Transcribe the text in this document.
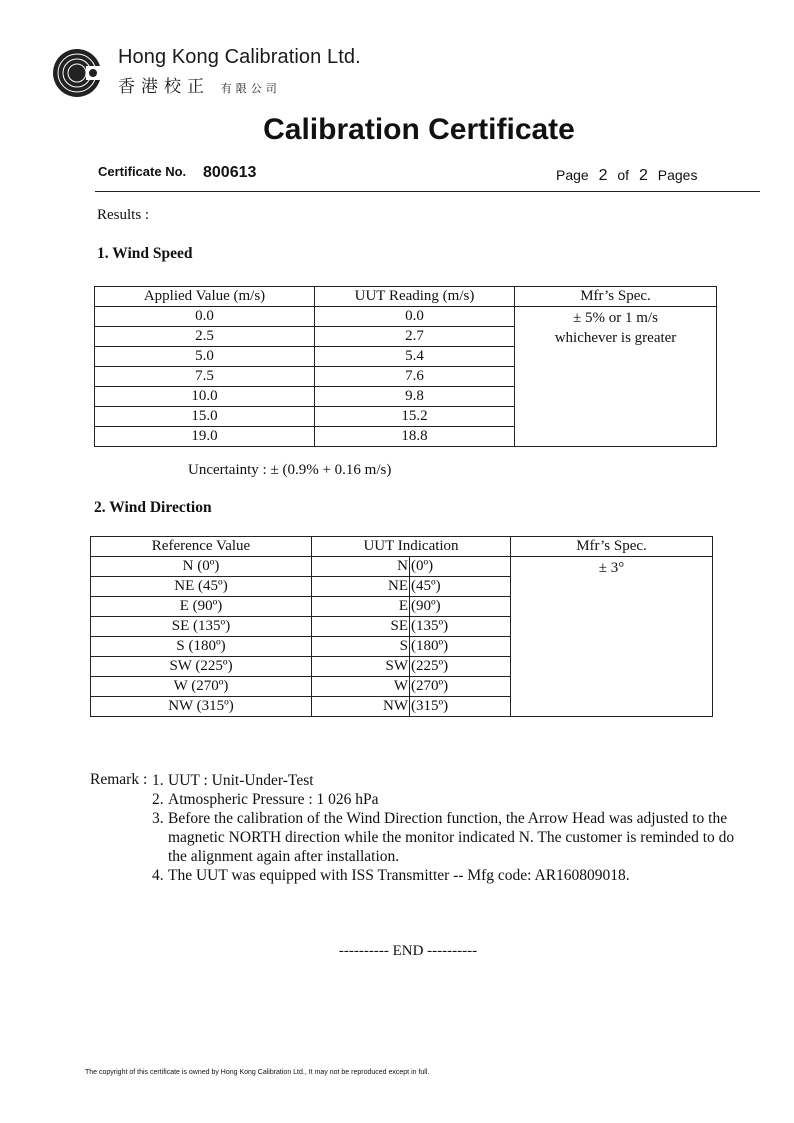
Hong Kong Calibration Ltd.
香港校正 有限公司
Calibration Certificate
Certificate No. 800613	Page 2 of 2 Pages
Results :
1. Wind Speed
Applied Value (m/s)	UUT Reading (m/s)	Mfr’s Spec.
0.0	0.0	± 5% or 1 m/s
whichever is greater

2.5	2.7	
5.0	5.4	
7.5	7.6	
10.0	9.8	
15.0	15.2	
19.0	18.8	
Uncertainty : ± (0.9% + 0.16 m/s)
2. Wind Direction
Reference Value	UUT Indication		Mfr’s Spec.
N (0º)	N	(0º)	± 3°

NE (45º)	NE	(45º)	
E (90º)	E	(90º)	
SE (135º)	SE	(135º)	
S (180º)	S	(180º)	
SW (225º)	SW	(225º)	
W (270º)	W	(270º)	
NW (315º)	NW	(315º)	
Remark : 1. UUT : Unit-Under-Test
2. Atmospheric Pressure : 1 026 hPa
3. Before the calibration of the Wind Direction function, the Arrow Head was adjusted to the magnetic NORTH direction while the monitor indicated N. The customer is reminded to do the alignment again after installation.
4. The UUT was equipped with ISS Transmitter -- Mfg code: AR160809018.
---------- END ----------
The copyright of this certificate is owned by Hong Kong Calibration Ltd., It may not be reproduced except in full.
